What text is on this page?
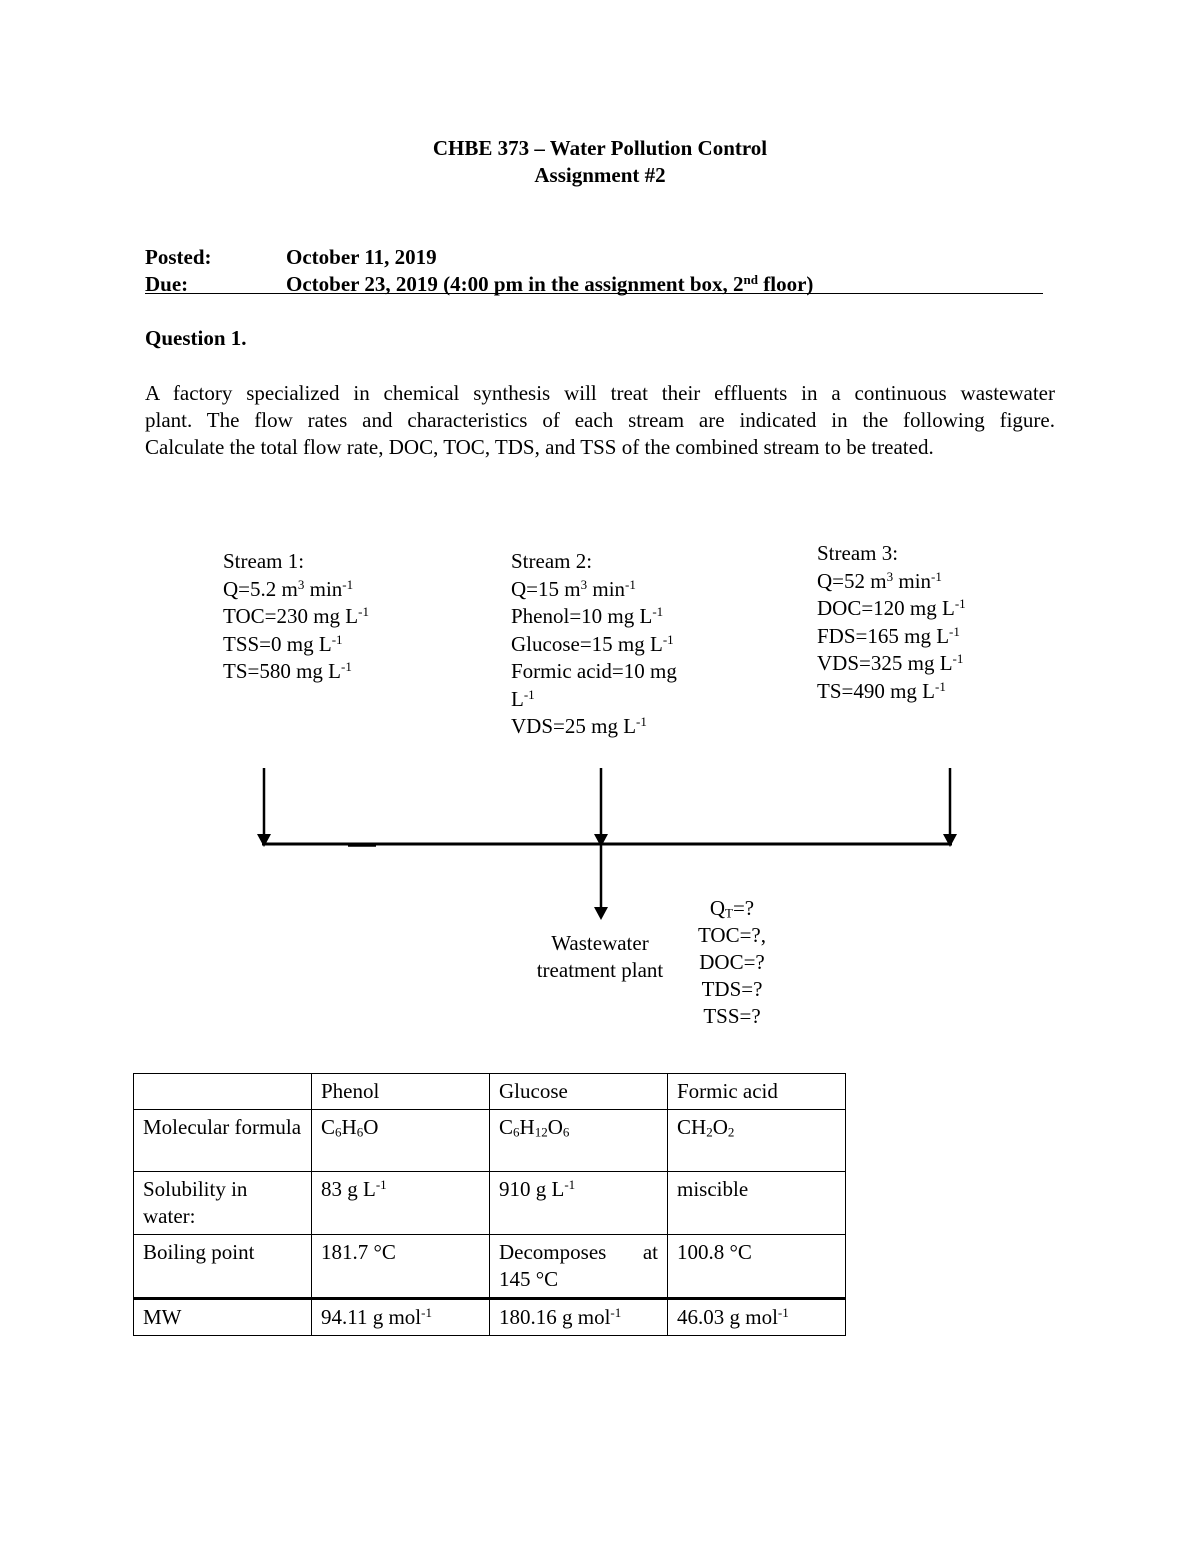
CHBE 373 – Water Pollution Control
Assignment #2
Posted:	October 11, 2019
Due:	October 23, 2019 (4:00 pm in the assignment box, 2nd floor)
Question 1.
A factory specialized in chemical synthesis will treat their effluents in a continuous wastewater
plant. The flow rates and characteristics of each stream are indicated in the following figure.
Calculate the total flow rate, DOC, TOC, TDS, and TSS of the combined stream to be treated.
Stream 1:
Q=5.2 $m^3$ $\min^{-1}$
TOC=230 mg $L^{-1}$
TSS=0 mg $L^{-1}$
TS=580 mg $L^{-1}$
Stream 2:
Q=15 $m^3$ $\min^{-1}$
Phenol=10 mg $L^{-1}$
Glucose=15 mg $L^{-1}$
Formic acid=10 mg
$L^{-1}$
VDS=25 mg $L^{-1}$
Stream 3:
Q=52 $m^3$ $\min^{-1}$
DOC=120 mg $L^{-1}$
FDS=165 mg $L^{-1}$
VDS=325 mg $L^{-1}$
TS=490 mg $L^{-1}$
Wastewater
treatment plant
$Q_T=$?
TOC=?,
DOC=?
TDS=?
TSS=?
	Phenol	Glucose	Formic acid
Molecular formula	$C_6H_6O$	$C_6H_{12}O_6$	$CH_2O_2$
Solubility in water:	83 g $L^{-1}$	910 g $L^{-1}$	miscible
Boiling point	181.7 °C	Decomposes at 145 °C	100.8 °C
MW	94.11 g mol$^{-1}$	180.16 g mol$^{-1}$	46.03 g mol$^{-1}$
